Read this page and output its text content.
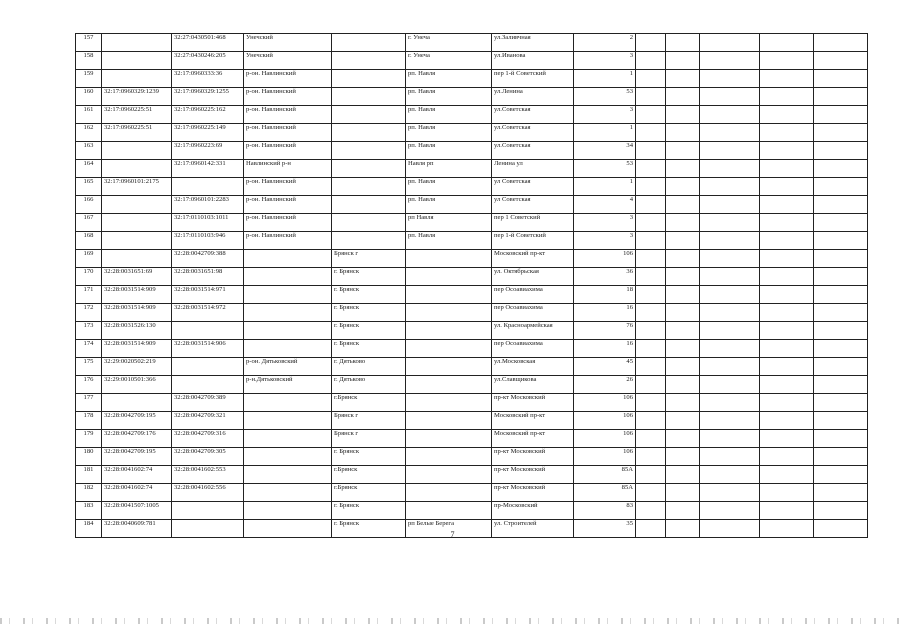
157		32:27:0430501:468	Унечский		г. Унеча	ул.Заливчная	2					
158		32:27:0430246:205	Унечский		г. Унеча	ул.Иванова	3					
159		32:17:0960333:36	р-он. Навлинский		рп. Навля	пер 1-й Советский	1					
160	32:17:0960329:1239	32:17:0960329:1255	р-он. Навлинский		рп. Навля	ул.Ленина	53					
161	32:17:0960225:51	32:17:0960225:162	р-он. Навлинский		рп. Навля	ул.Советская	3					
162	32:17:0960225:51	32:17:0960225:149	р-он. Навлинский		рп. Навля	ул.Советская	1					
163		32:17:0960223:69	р-он. Навлинский		рп. Навля	ул.Советская	34					
164		32:17:0960142:331	Навлинский р-н		Навля рп	Ленина ул	53					
165	32:17:0960101:2175		р-он. Навлинский		рп. Навля	ул Советская	1					
166		32:17:0960101:2283	р-он. Навлинский		рп. Навля	ул Советская	4					
167		32:17:0110103:1011	р-он. Навлинский		рп Навля	пер 1 Советский	3					
168		32:17:0110103:946	р-он. Навлинский		рп. Навля	пер 1-й Советский	3					
169		32:28:0042709:388		Брянск г		Московский пр-кт	106					
170	32:28:0031651:69	32:28:0031651:98		г. Брянск		ул. Октябрьская	36					
171	32:28:0031514:909	32:28:0031514:971		г. Брянск		пер Осоавиахима	18					
172	32:28:0031514:909	32:28:0031514:972		г. Брянск		пер Осоавиахима	16					
173	32:28:0031526:130			г. Брянск		ул. Красноармейская	76					
174	32:28:0031514:909	32:28:0031514:906		г. Брянск		пер Осоавиахима	16					
175	32:29:0020502:219		р-он. Дятьковский	г. Дятьково		ул.Московская	45					
176	32:29:0010501:366		р-н.Дятьковский	г. Дятьково		ул.Славщикова	26					
177		32:28:0042709:389		г.Брянск		пр-кт Московский	106					
178	32:28:0042709:195	32:28:0042709:321		Брянск г		Московский пр-кт	106					
179	32:28:0042709:176	32:28:0042709:316		Брянск г		Московский пр-кт	106					
180	32:28:0042709:195	32:28:0042709:305		г. Брянск		пр-кт Московский	106					
181	32:28:0041602:74	32:28:0041602:553		г.Брянск		пр-кт Московский	85А					
182	32:28:0041602:74	32:28:0041602:556		г.Брянск		пр-кт Московский	85А					
183	32:28:0041507:1005			г. Брянск		пр-Московский	83					
184	32:28:0040609:781			г. Брянск	рп Белые Берега	ул. Строителей	35					
7
